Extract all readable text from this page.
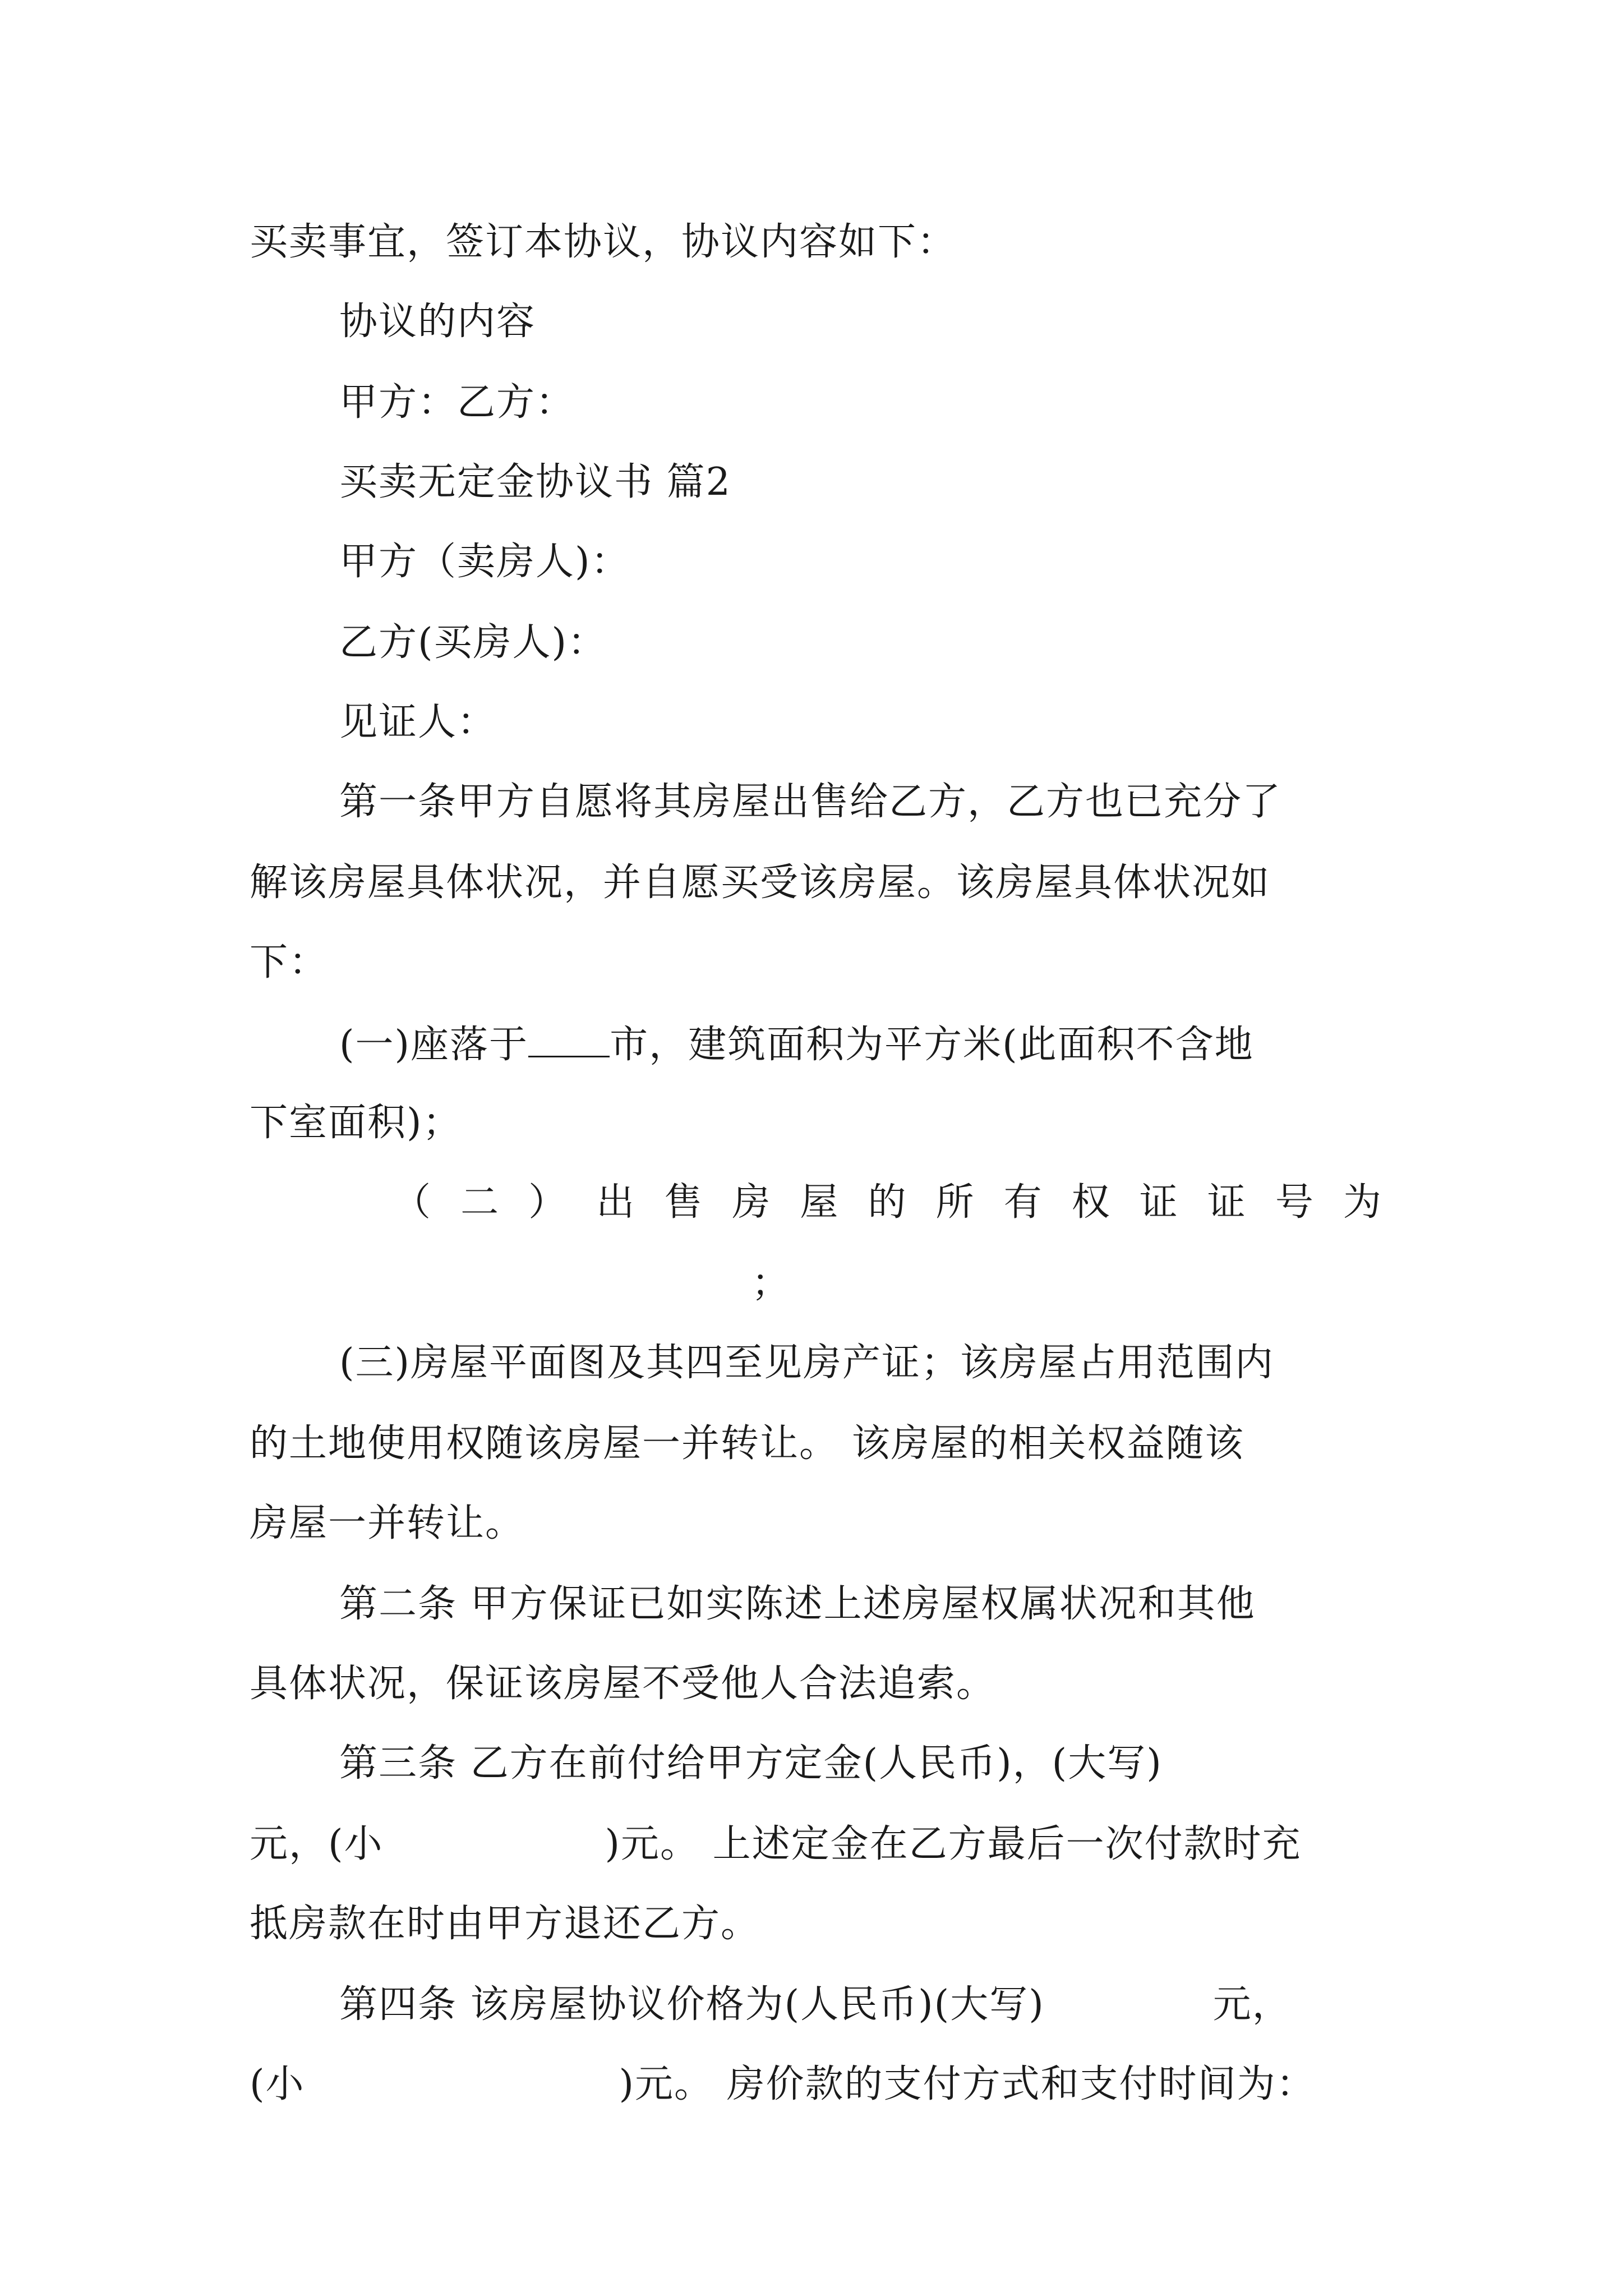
买卖事宜，签订本协议，协议内容如下：
协议的内容
甲方：乙方：
买卖无定金协议书 篇2
甲方（卖房人)：
乙方(买房人)：
见证人：
第一条甲方自愿将其房屋出售给乙方，乙方也已充分了
解该房屋具体状况，并自愿买受该房屋。该房屋具体状况如
下：
(一)座落于 市，建筑面积为平方米(此面积不含地
下室面积)；
（ 二 ） 出 售 房 屋 的 所 有 权 证 证 号 为
；
(三)房屋平面图及其四至见房产证；该房屋占用范围内
的土地使用权随该房屋一并转让。 该房屋的相关权益随该
房屋一并转让。
第二条 甲方保证已如实陈述上述房屋权属状况和其他
具体状况，保证该房屋不受他人合法追索。
第三条 乙方在前付给甲方定金(人民币)，(大写)
元，(小	)元。 上述定金在乙方最后一次付款时充
抵房款在时由甲方退还乙方。
第四条 该房屋协议价格为(人民币)(大写)	元，
(小	)元。 房价款的支付方式和支付时间为：
